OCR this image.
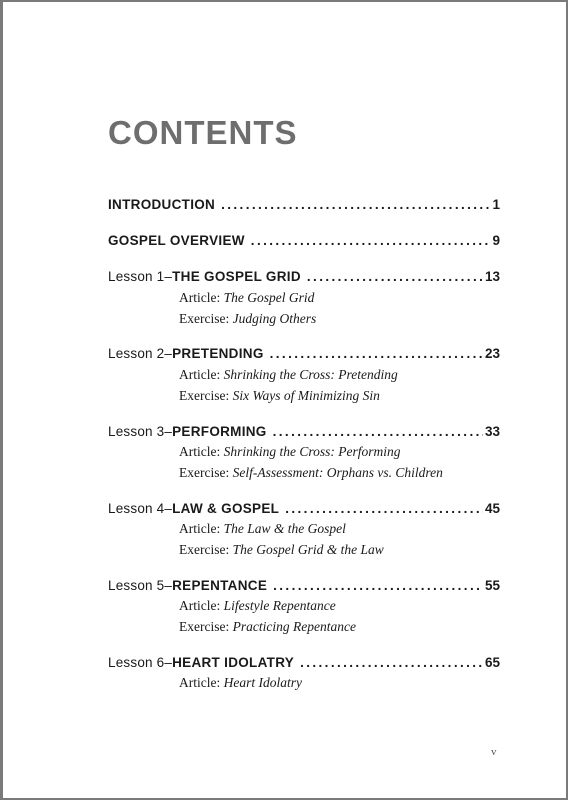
CONTENTS
INTRODUCTION .....	1
GOSPEL OVERVIEW .....	9
Lesson 1– THE GOSPEL GRID .....	13
Article: The Gospel Grid
Exercise: Judging Others
Lesson 2– PRETENDING .....	23
Article: Shrinking the Cross: Pretending
Exercise: Six Ways of Minimizing Sin
Lesson 3– PERFORMING .....	33
Article: Shrinking the Cross: Performing
Exercise: Self-Assessment: Orphans vs. Children
Lesson 4– LAW & GOSPEL .....	45
Article: The Law & the Gospel
Exercise: The Gospel Grid & the Law
Lesson 5– REPENTANCE .....	55
Article: Lifestyle Repentance
Exercise: Practicing Repentance
Lesson 6– HEART IDOLATRY .....	65
Article: Heart Idolatry
v
